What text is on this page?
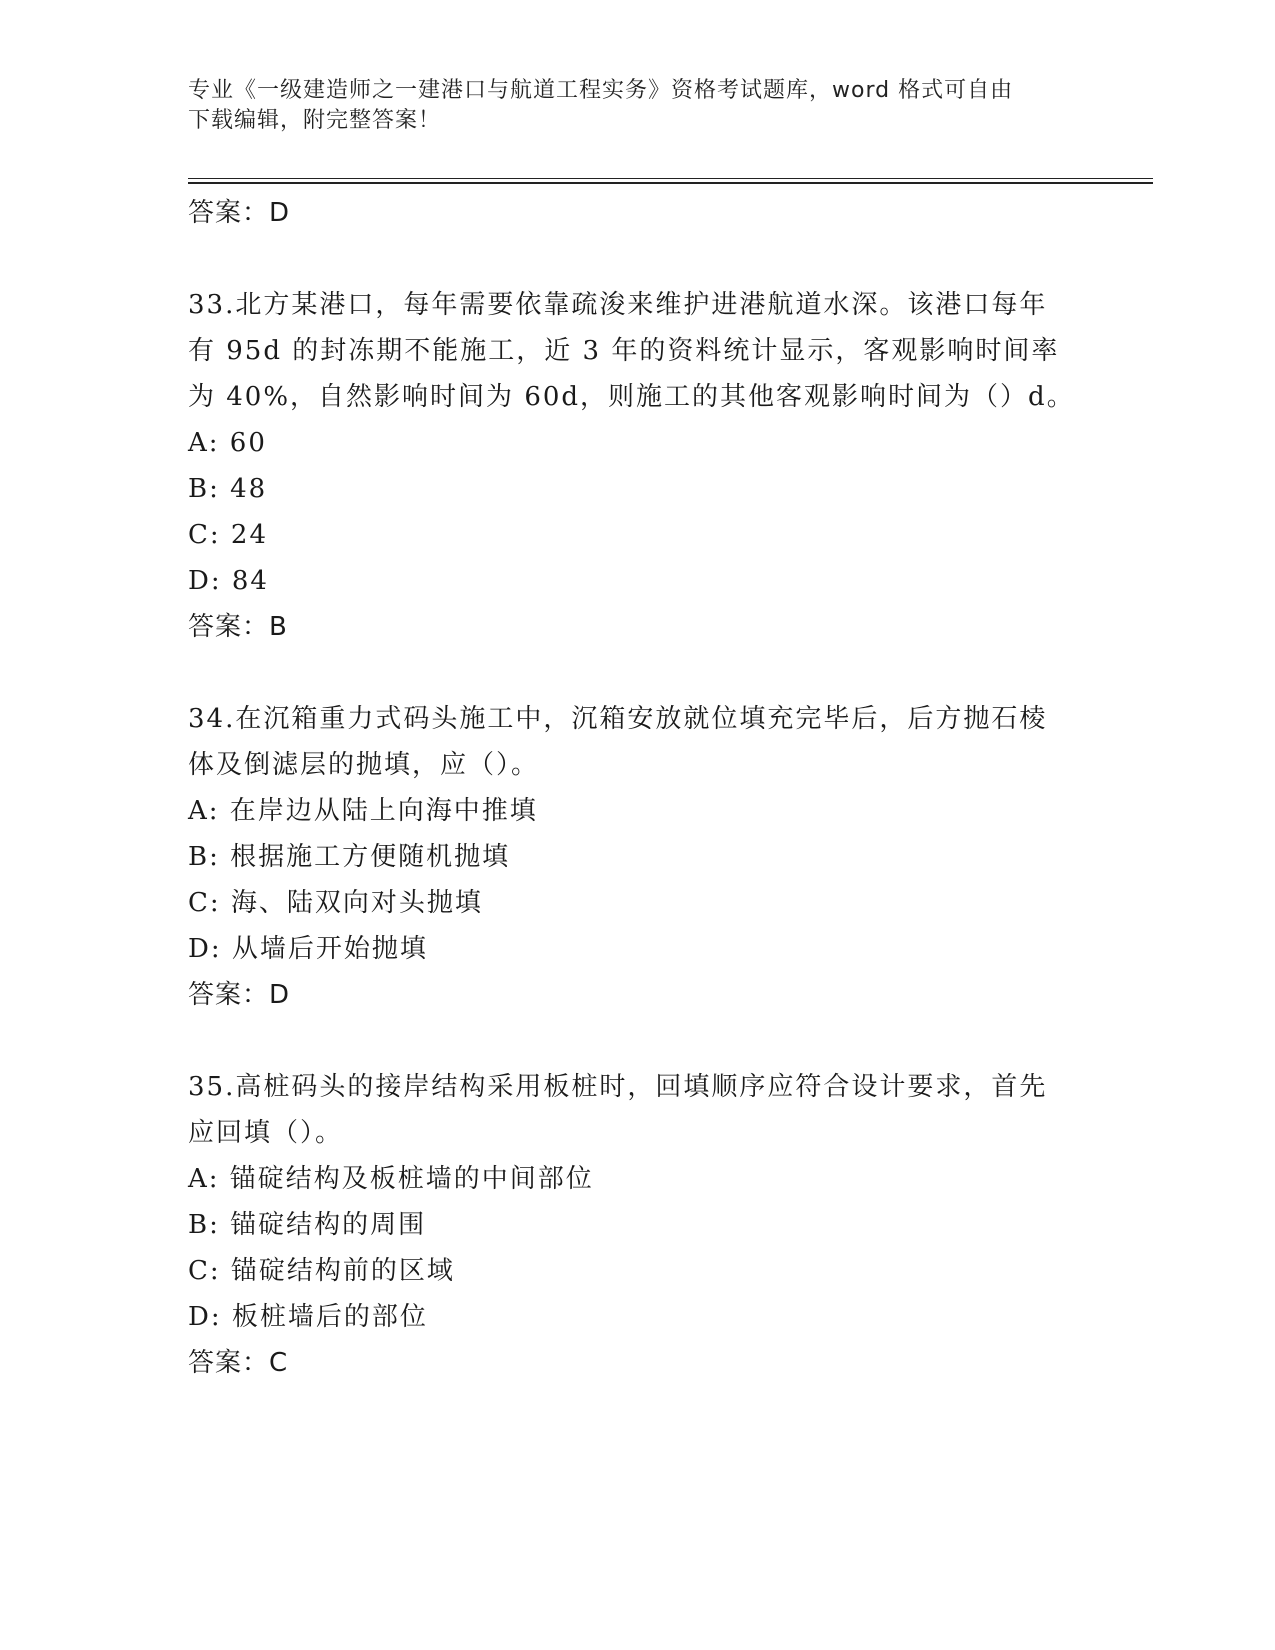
专业《一级建造师之一建港口与航道工程实务》资格考试题库，word 格式可自由
下载编辑，附完整答案！
答案：D
33.北方某港口，每年需要依靠疏浚来维护进港航道水深。该港口每年
有 95d 的封冻期不能施工，近 3 年的资料统计显示，客观影响时间率
为 40%，自然影响时间为 60d，则施工的其他客观影响时间为（）d。
A: 60
B: 48
C: 24
D: 84
答案：B
34.在沉箱重力式码头施工中，沉箱安放就位填充完毕后，后方抛石棱
体及倒滤层的抛填，应（）。
A: 在岸边从陆上向海中推填
B: 根据施工方便随机抛填
C: 海、陆双向对头抛填
D: 从墙后开始抛填
答案：D
35.高桩码头的接岸结构采用板桩时，回填顺序应符合设计要求，首先
应回填（）。
A: 锚碇结构及板桩墙的中间部位
B: 锚碇结构的周围
C: 锚碇结构前的区域
D: 板桩墙后的部位
答案：C
